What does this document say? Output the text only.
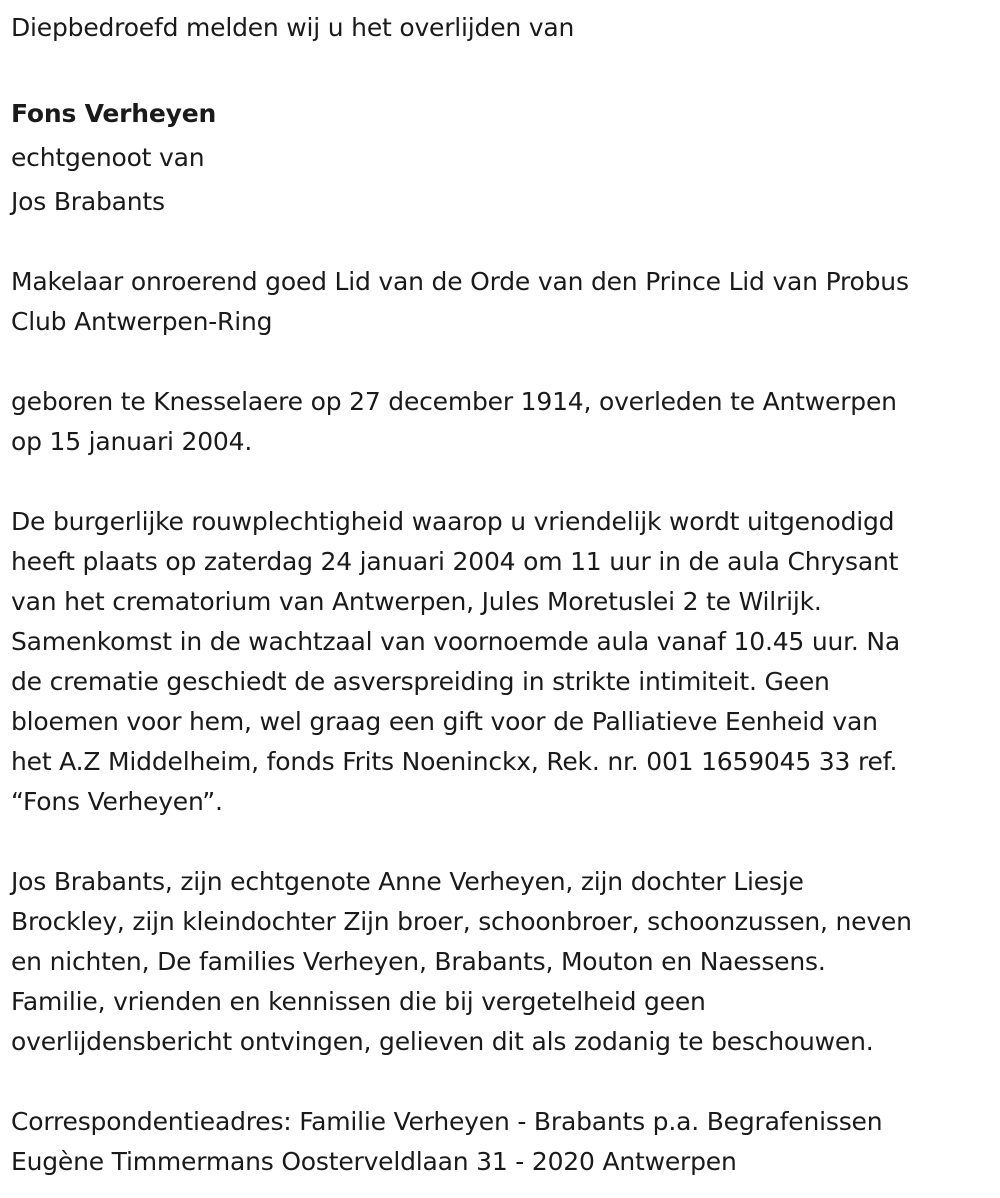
Diepbedroefd melden wij u het overlijden van
Fons Verheyen
echtgenoot van
Jos Brabants
Makelaar onroerend goed Lid van de Orde van den Prince Lid van Probus
Club Antwerpen-Ring
geboren te Knesselaere op 27 december 1914, overleden te Antwerpen
op 15 januari 2004.
De burgerlijke rouwplechtigheid waarop u vriendelijk wordt uitgenodigd
heeft plaats op zaterdag 24 januari 2004 om 11 uur in de aula Chrysant
van het crematorium van Antwerpen, Jules Moretuslei 2 te Wilrijk.
Samenkomst in de wachtzaal van voornoemde aula vanaf 10.45 uur. Na
de crematie geschiedt de asverspreiding in strikte intimiteit. Geen
bloemen voor hem, wel graag een gift voor de Palliatieve Eenheid van
het A.Z Middelheim, fonds Frits Noeninckx, Rek. nr. 001 1659045 33 ref.
“Fons Verheyen”.
Jos Brabants, zijn echtgenote Anne Verheyen, zijn dochter Liesje
Brockley, zijn kleindochter Zijn broer, schoonbroer, schoonzussen, neven
en nichten, De families Verheyen, Brabants, Mouton en Naessens.
Familie, vrienden en kennissen die bij vergetelheid geen
overlijdensbericht ontvingen, gelieven dit als zodanig te beschouwen.
Correspondentieadres: Familie Verheyen - Brabants p.a. Begrafenissen
Eugène Timmermans Oosterveldlaan 31 - 2020 Antwerpen
